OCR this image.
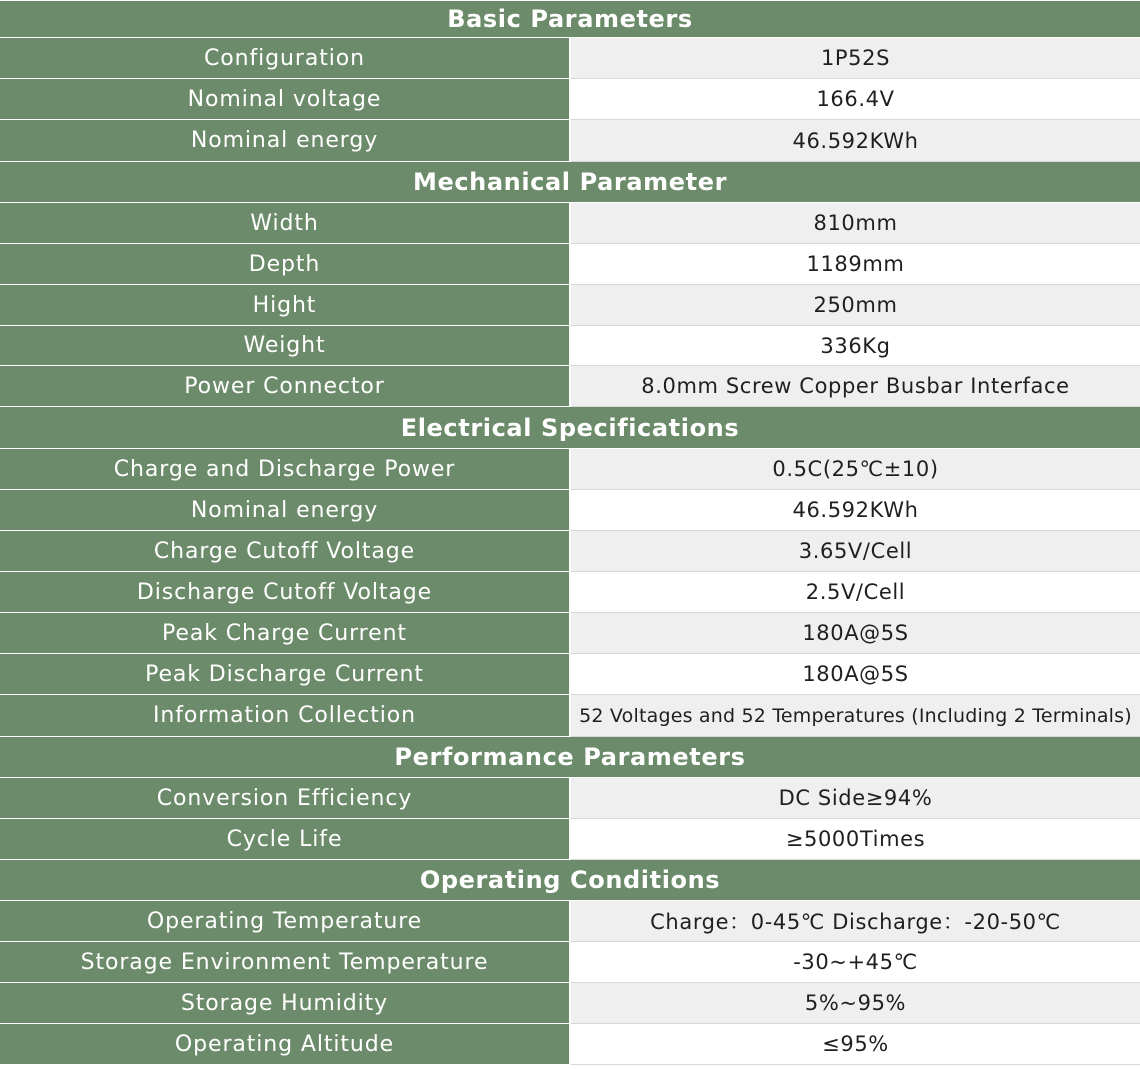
Basic Parameters	
Configuration	1P52S
Nominal voltage	166.4V
Nominal energy	46.592KWh
Mechanical Parameter	
Width	810mm
Depth	1189mm
Hight	250mm
Weight	336Kg
Power Connector	8.0mm Screw Copper Busbar Interface
Electrical Specifications	
Charge and Discharge Power	0.5C(25℃±10)
Nominal energy	46.592KWh
Charge Cutoff Voltage	3.65V/Cell
Discharge Cutoff Voltage	2.5V/Cell
Peak Charge Current	180A@5S
Peak Discharge Current	180A@5S
Information Collection	52 Voltages and 52 Temperatures (Including 2 Terminals)
Performance Parameters	
Conversion Efficiency	DC Side≥94%
Cycle Life	≥5000Times
Operating Conditions	
Operating Temperature	Charge：0-45℃ Discharge：-20-50℃
Storage Environment Temperature	-30~+45℃
Storage Humidity	5%~95%
Operating Altitude	≤95%
